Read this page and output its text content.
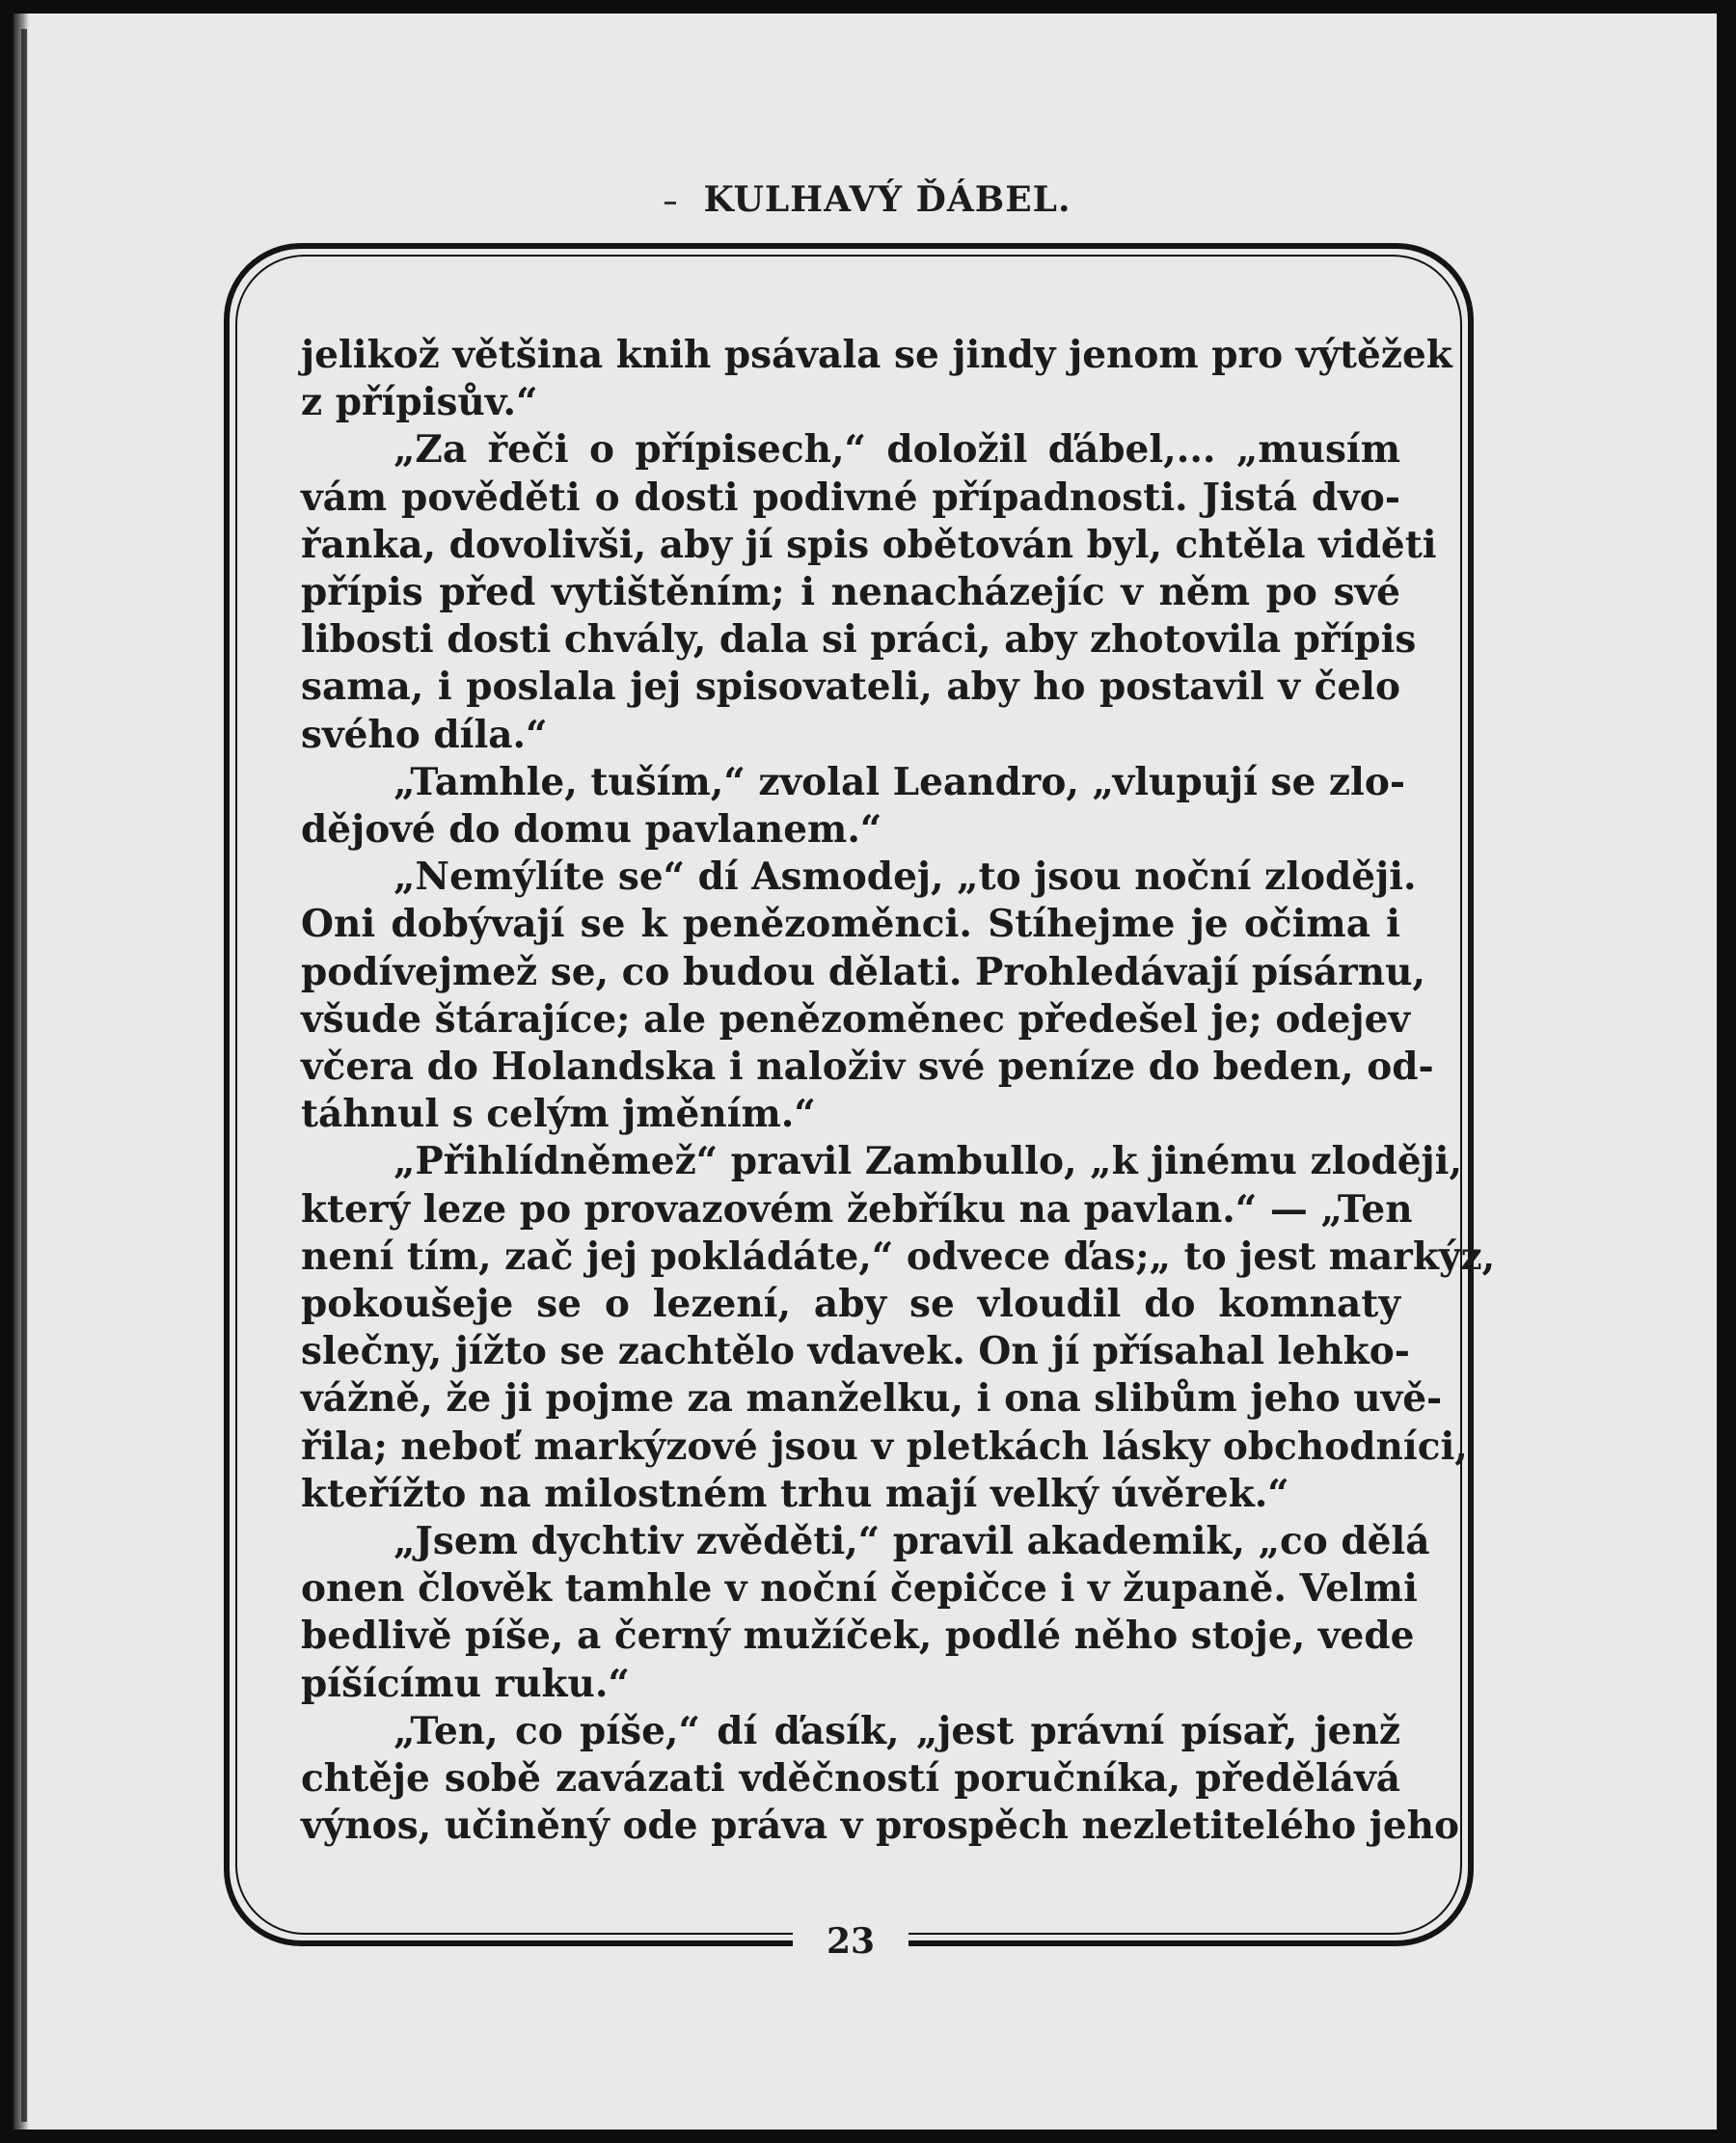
KULHAVÝ ĎÁBEL.
jelikož většina knih psávala se jindy jenom pro výtěžek
z přípisův.“
„Za řeči o přípisech,“ doložil ďábel,... „musím
vám pověděti o dosti podivné případnosti. Jistá dvo-
řanka, dovolivši, aby jí spis obětován byl, chtěla viděti
přípis před vytištěním; i nenacházejíc v něm po své
libosti dosti chvály, dala si práci, aby zhotovila přípis
sama, i poslala jej spisovateli, aby ho postavil v čelo
svého díla.“
„Tamhle, tuším,“ zvolal Leandro, „vlupují se zlo-
dějové do domu pavlanem.“
„Nemýlíte se“ dí Asmodej, „to jsou noční zloději.
Oni dobývají se k penězoměnci. Stíhejme je očima i
podívejmež se, co budou dělati. Prohledávají písárnu,
všude štárajíce; ale penězoměnec předešel je; odejev
včera do Holandska i naloživ své peníze do beden, od-
táhnul s celým jměním.“
„Přihlídněmež“ pravil Zambullo, „k jinému zloději,
který leze po provazovém žebříku na pavlan.“ — „Ten
není tím, zač jej pokládáte,“ odvece ďas;„ to jest markýz,
pokoušeje se o lezení, aby se vloudil do komnaty
slečny, jížto se zachtělo vdavek. On jí přísahal lehko-
vážně, že ji pojme za manželku, i ona slibům jeho uvě-
řila; neboť markýzové jsou v pletkách lásky obchodníci,
kteřížto na milostném trhu mají velký úvěrek.“
„Jsem dychtiv zvěděti,“ pravil akademik, „co dělá
onen člověk tamhle v noční čepičce i v županě. Velmi
bedlivě píše, a černý mužíček, podlé něho stoje, vede
píšícímu ruku.“
„Ten, co píše,“ dí ďasík, „jest právní písař, jenž
chtěje sobě zavázati vděčností poručníka, předělává
výnos, učiněný ode práva v prospěch nezletitelého jeho
23
